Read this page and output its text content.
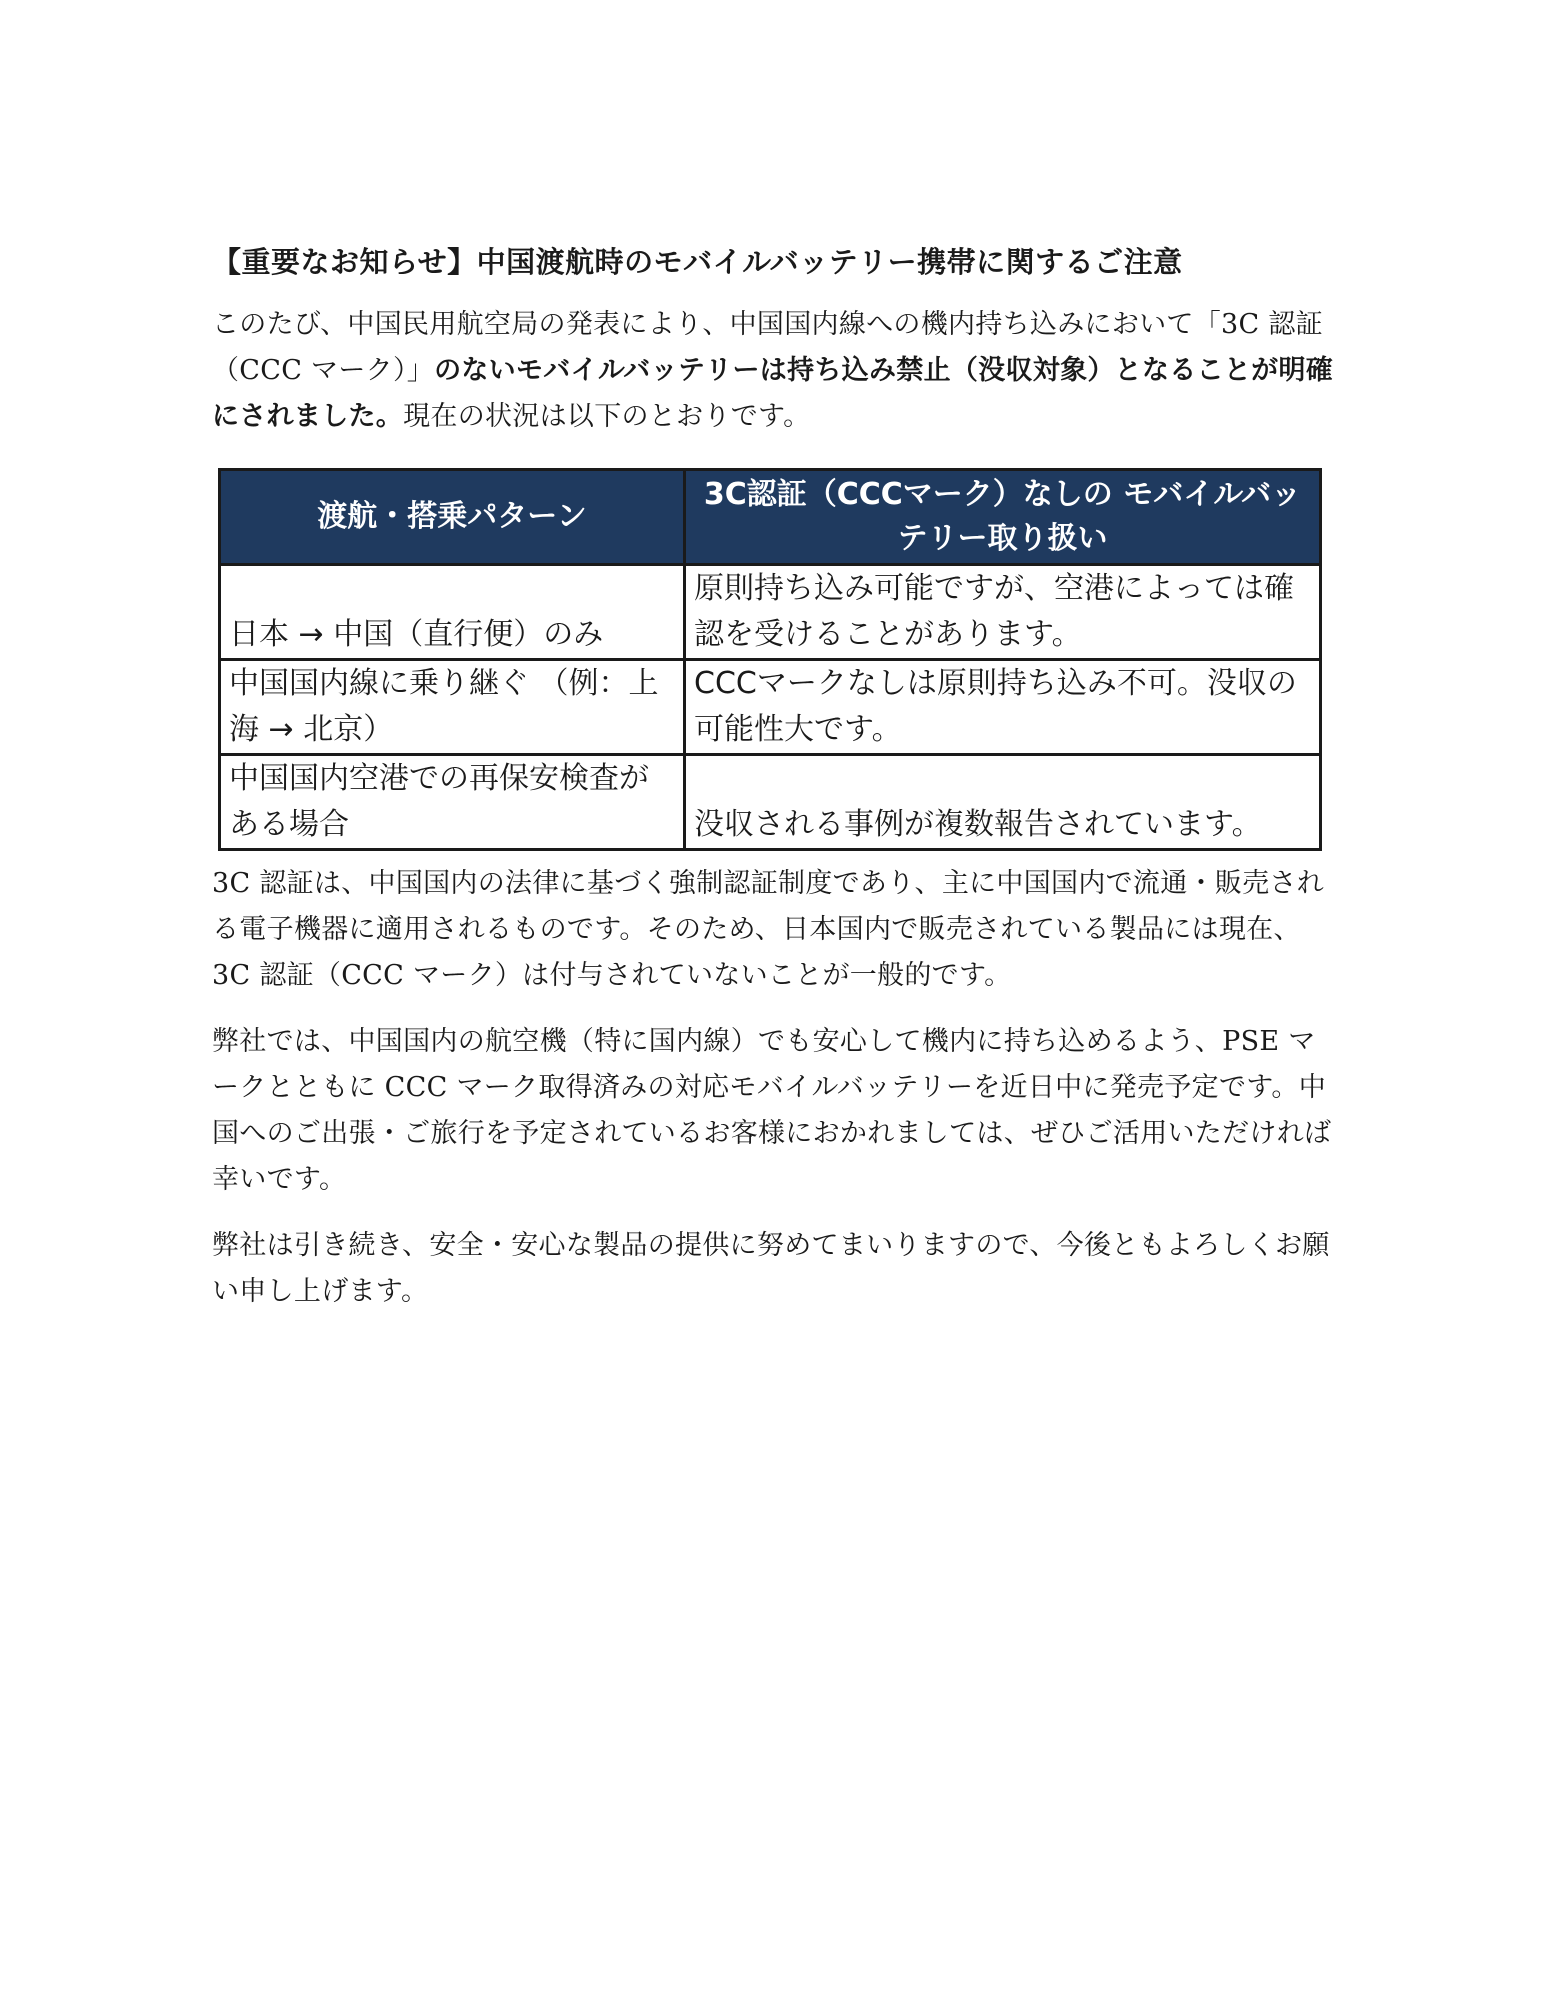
【重要なお知らせ】中国渡航時のモバイルバッテリー携帯に関するご注意

このたび、中国民用航空局の発表により、中国国内線への機内持ち込みにおいて「3C 認証（CCC マーク）」のないモバイルバッテリーは持ち込み禁止（没収対象）となることが明確にされました。現在の状況は以下のとおりです。

渡航・搭乗パターン	3C認証（CCCマーク）なしの モバイルバッテリー取り扱い
日本 → 中国（直行便）のみ	原則持ち込み可能ですが、空港によっては確認を受けることがあります。
中国国内線に乗り継ぐ （例：上海 → 北京）	CCCマークなしは原則持ち込み不可。没収の可能性大です。
中国国内空港での再保安検査がある場合	没収される事例が複数報告されています。

3C 認証は、中国国内の法律に基づく強制認証制度であり、主に中国国内で流通・販売される電子機器に適用されるものです。そのため、日本国内で販売されている製品には現在、3C 認証（CCC マーク）は付与されていないことが一般的です。

弊社では、中国国内の航空機（特に国内線）でも安心して機内に持ち込めるよう、PSE マークとともに CCC マーク取得済みの対応モバイルバッテリーを近日中に発売予定です。中国へのご出張・ご旅行を予定されているお客様におかれましては、ぜひご活用いただければ幸いです。

弊社は引き続き、安全・安心な製品の提供に努めてまいりますので、今後ともよろしくお願い申し上げます。
